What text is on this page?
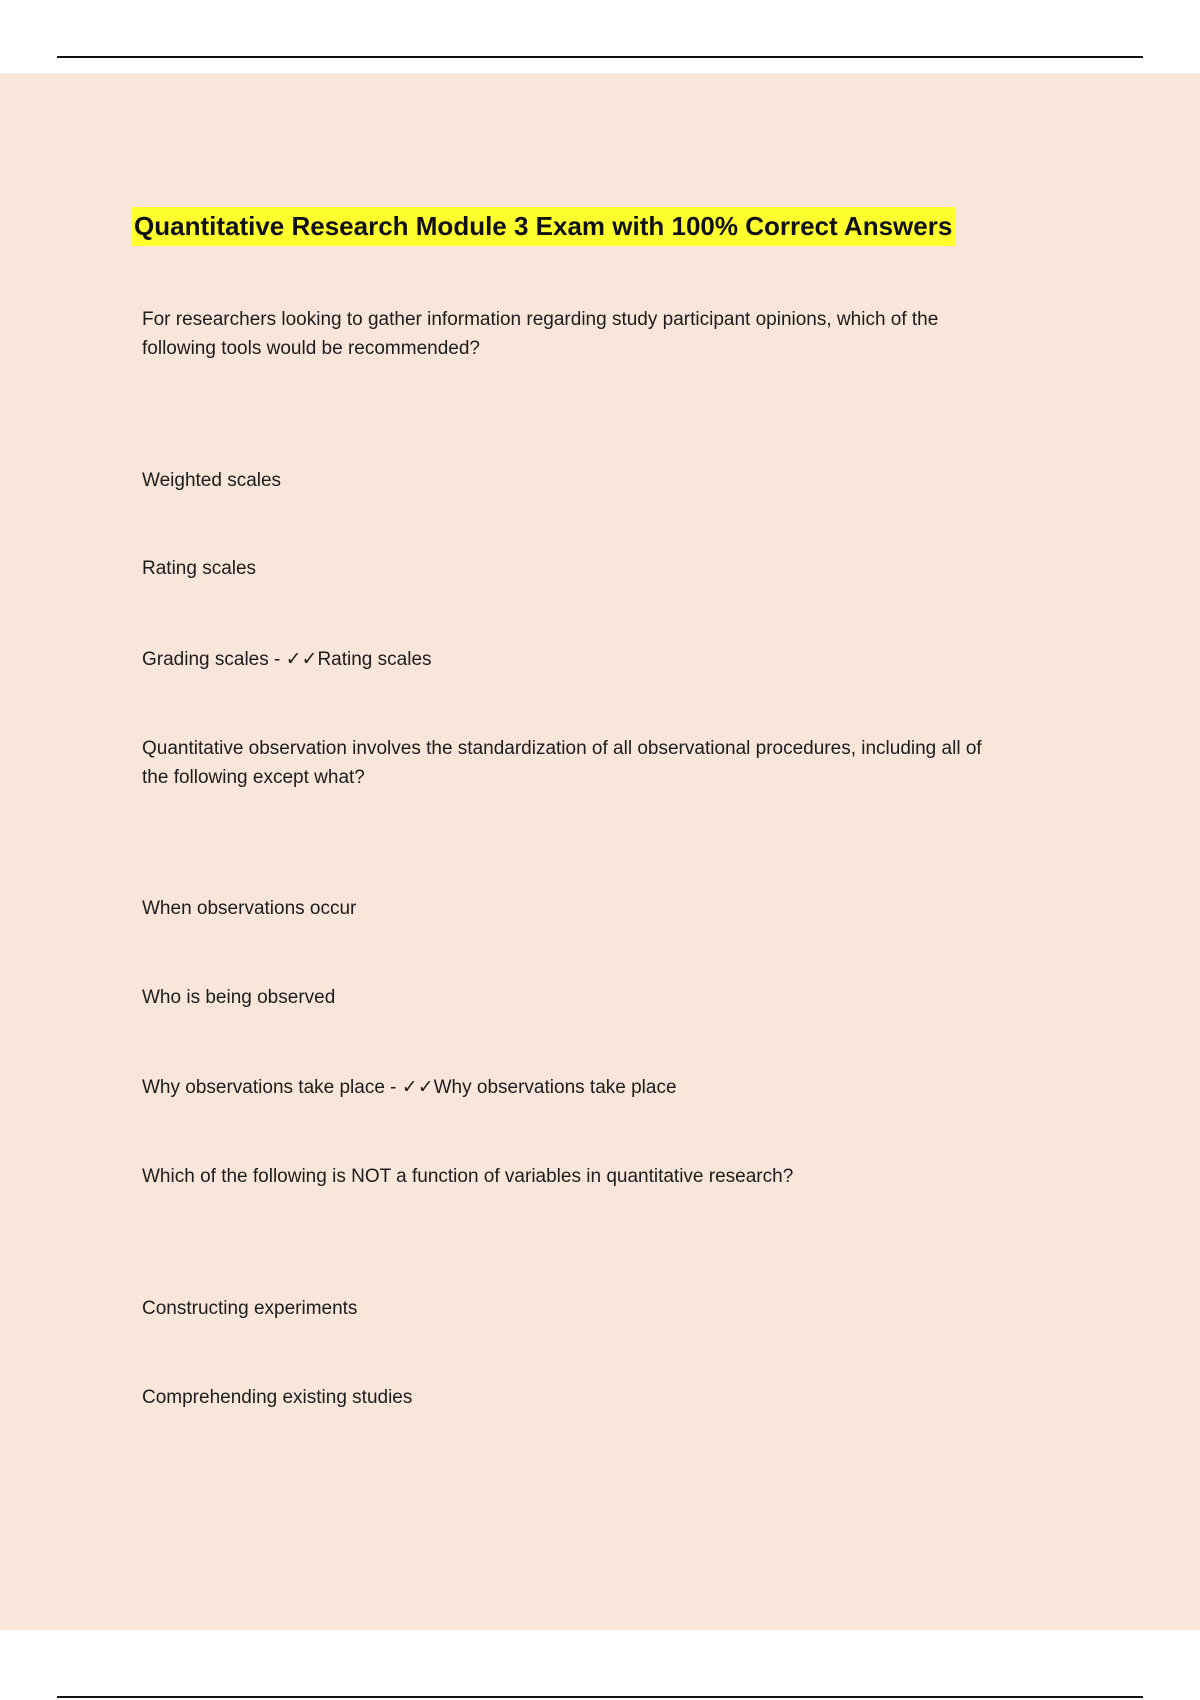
Quantitative Research Module 3 Exam with 100% Correct Answers

For researchers looking to gather information regarding study participant opinions, which of the

following tools would be recommended?

Weighted scales

Rating scales

Grading scales - ✓✓Rating scales

Quantitative observation involves the standardization of all observational procedures, including all of

the following except what?

When observations occur

Who is being observed

Why observations take place - ✓✓Why observations take place

Which of the following is NOT a function of variables in quantitative research?

Constructing experiments

Comprehending existing studies
